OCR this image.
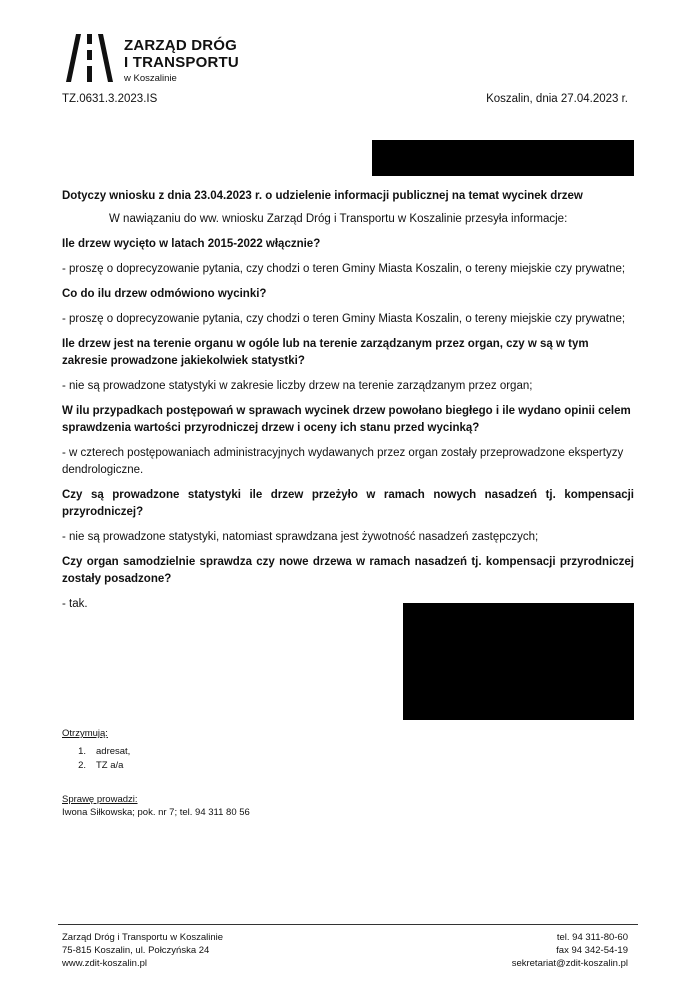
ZARZĄD DRÓG
I TRANSPORTU
w Koszalinie
TZ.0631.3.2023.IS	Koszalin, dnia 27.04.2023 r.
Dotyczy wniosku z dnia 23.04.2023 r. o udzielenie informacji publicznej na temat wycinek drzew
W nawiązaniu do ww. wniosku Zarząd Dróg i Transportu w Koszalinie przesyła informacje:
Ile drzew wycięto w latach 2015-2022 włącznie?
- proszę o doprecyzowanie pytania, czy chodzi o teren Gminy Miasta Koszalin, o tereny miejskie czy prywatne;
Co do ilu drzew odmówiono wycinki?
- proszę o doprecyzowanie pytania, czy chodzi o teren Gminy Miasta Koszalin, o tereny miejskie czy prywatne;
Ile drzew jest na terenie organu w ogóle lub na terenie zarządzanym przez organ, czy w są w tym zakresie prowadzone jakiekolwiek statystki?
- nie są prowadzone statystyki w zakresie liczby drzew na terenie zarządzanym przez organ;
W ilu przypadkach postępowań w sprawach wycinek drzew powołano biegłego i ile wydano opinii celem sprawdzenia wartości przyrodniczej drzew i oceny ich stanu przed wycinką?
- w czterech postępowaniach administracyjnych wydawanych przez organ zostały przeprowadzone ekspertyzy dendrologiczne.
Czy są prowadzone statystyki ile drzew przeżyło w ramach nowych nasadzeń tj. kompensacji przyrodniczej?
- nie są prowadzone statystyki, natomiast sprawdzana jest żywotność nasadzeń zastępczych;
Czy organ samodzielnie sprawdza czy nowe drzewa w ramach nasadzeń tj. kompensacji przyrodniczej zostały posadzone?
- tak.
Otrzymują:
1.	adresat,
2.	TZ a/a
Sprawę prowadzi:
Iwona Siłkowska; pok. nr 7; tel. 94 311 80 56
Zarząd Dróg i Transportu w Koszalinie
75-815 Koszalin, ul. Połczyńska 24
www.zdit-koszalin.pl
tel. 94 311-80-60
fax 94 342-54-19
sekretariat@zdit-koszalin.pl
